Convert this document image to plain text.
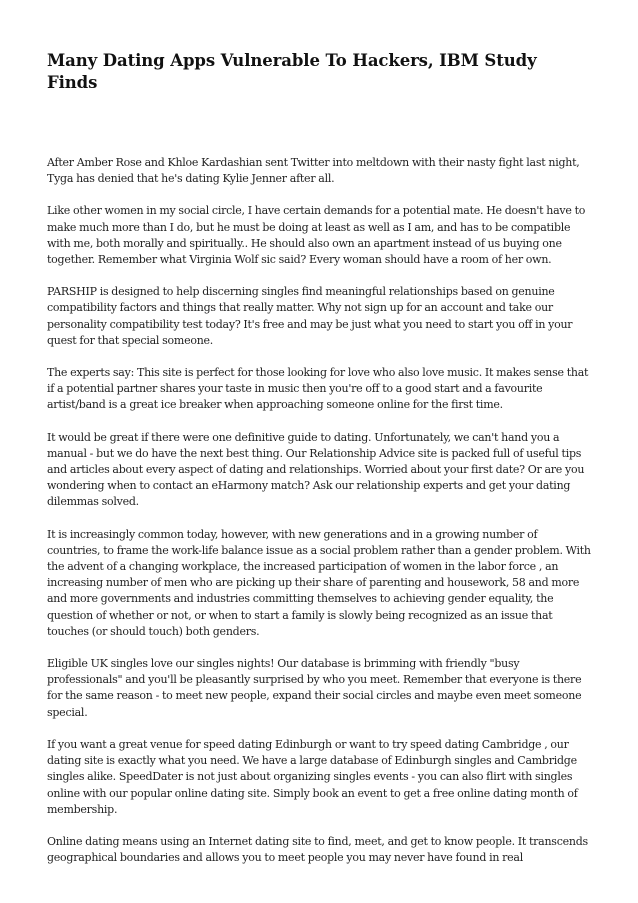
Many Dating Apps Vulnerable To Hackers, IBM Study Finds

After Amber Rose and Khloe Kardashian sent Twitter into meltdown with their nasty fight last night, Tyga has denied that he's dating Kylie Jenner after all.

Like other women in my social circle, I have certain demands for a potential mate. He doesn't have to make much more than I do, but he must be doing at least as well as I am, and has to be compatible with me, both morally and spiritually.. He should also own an apartment instead of us buying one together. Remember what Virginia Wolf sic said? Every woman should have a room of her own.

PARSHIP is designed to help discerning singles find meaningful relationships based on genuine compatibility factors and things that really matter. Why not sign up for an account and take our personality compatibility test today? It's free and may be just what you need to start you off in your quest for that special someone.

The experts say: This site is perfect for those looking for love who also love music. It makes sense that if a potential partner shares your taste in music then you're off to a good start and a favourite artist/band is a great ice breaker when approaching someone online for the first time.

It would be great if there were one definitive guide to dating. Unfortunately, we can't hand you a manual - but we do have the next best thing. Our Relationship Advice site is packed full of useful tips and articles about every aspect of dating and relationships. Worried about your first date? Or are you wondering when to contact an eHarmony match? Ask our relationship experts and get your dating dilemmas solved.

It is increasingly common today, however, with new generations and in a growing number of countries, to frame the work-life balance issue as a social problem rather than a gender problem. With the advent of a changing workplace, the increased participation of women in the labor force , an increasing number of men who are picking up their share of parenting and housework, 58 and more and more governments and industries committing themselves to achieving gender equality, the question of whether or not, or when to start a family is slowly being recognized as an issue that touches (or should touch) both genders.

Eligible UK singles love our singles nights! Our database is brimming with friendly "busy professionals" and you'll be pleasantly surprised by who you meet. Remember that everyone is there for the same reason - to meet new people, expand their social circles and maybe even meet someone special.

If you want a great venue for speed dating Edinburgh or want to try speed dating Cambridge , our dating site is exactly what you need. We have a large database of Edinburgh singles and Cambridge singles alike. SpeedDater is not just about organizing singles events - you can also flirt with singles online with our popular online dating site. Simply book an event to get a free online dating month of membership.

Online dating means using an Internet dating site to find, meet, and get to know people. It transcends geographical boundaries and allows you to meet people you may never have found in real
